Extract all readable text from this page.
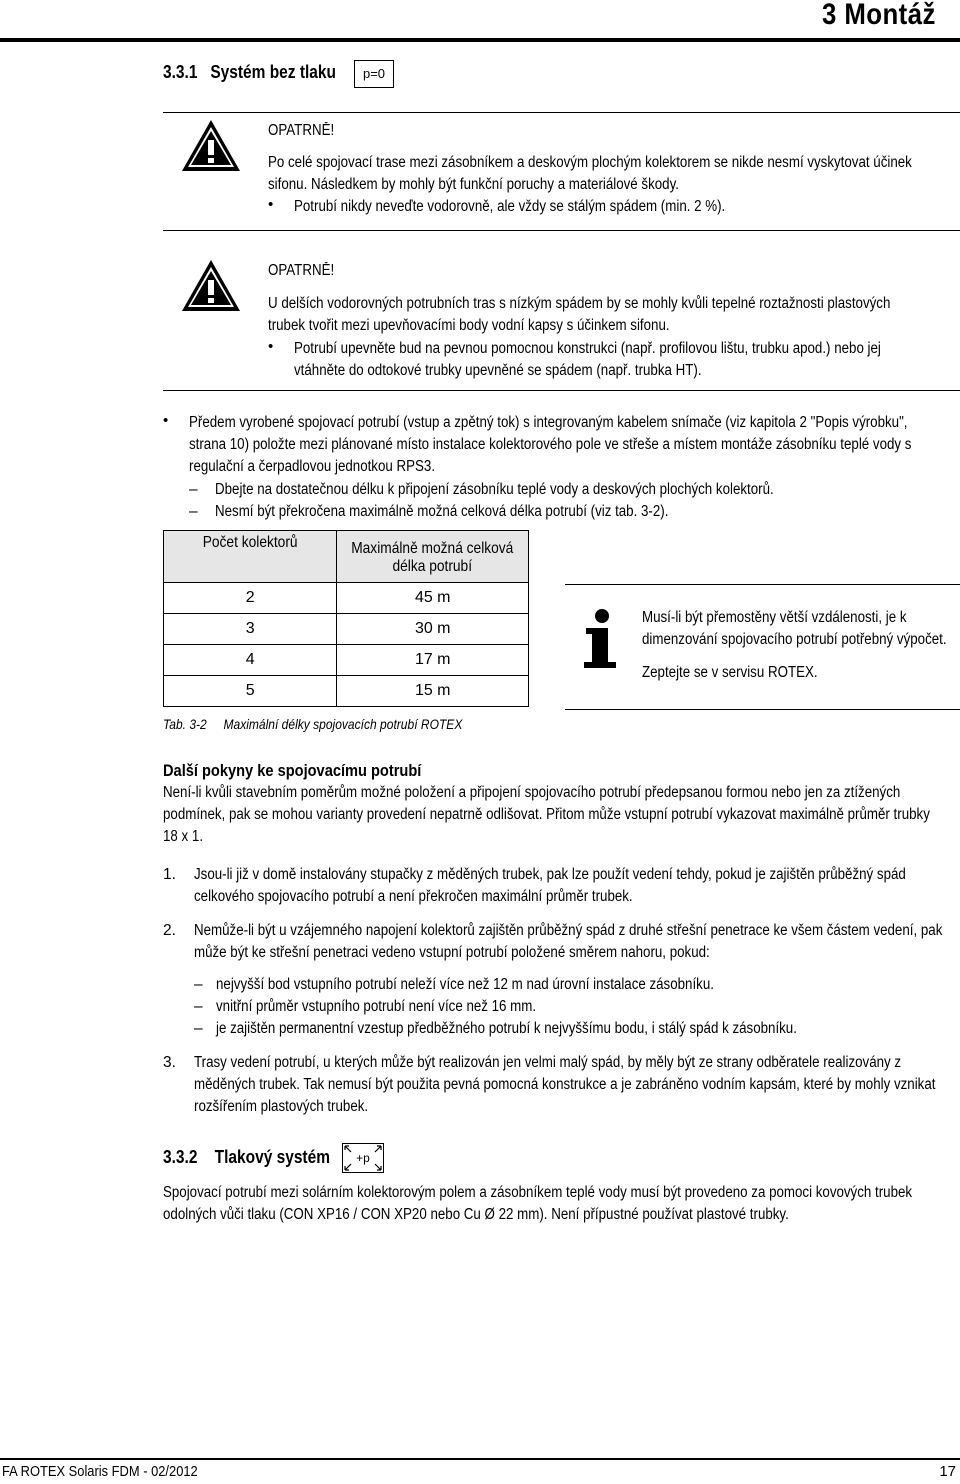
3 Montáž
3.3.1 Systém bez tlaku	p=0
OPATRNĚ!
Po celé spojovací trase mezi zásobníkem a deskovým plochým kolektorem se nikde nesmí vyskytovat účinek
sifonu. Následkem by mohly být funkční poruchy a materiálové škody.
• Potrubí nikdy neveďte vodorovně, ale vždy se stálým spádem (min. 2 %).
OPATRNĚ!
U delších vodorovných potrubních tras s nízkým spádem by se mohly kvůli tepelné roztažnosti plastových
trubek tvořit mezi upevňovacími body vodní kapsy s účinkem sifonu.
• Potrubí upevněte bud na pevnou pomocnou konstrukci (např. profilovou lištu, trubku apod.) nebo jej
vtáhněte do odtokové trubky upevněné se spádem (např. trubka HT).
• Předem vyrobené spojovací potrubí (vstup a zpětný tok) s integrovaným kabelem snímače (viz kapitola 2 "Popis výrobku",
strana 10) položte mezi plánované místo instalace kolektorového pole ve střeše a místem montáže zásobníku teplé vody s
regulační a čerpadlovou jednotkou RPS3.
– Dbejte na dostatečnou délku k připojení zásobníku teplé vody a deskových plochých kolektorů.
– Nesmí být překročena maximálně možná celková délka potrubí (viz tab. 3-2).
Počet kolektorů	Maximálně možná celková
délka potrubí

2	45 m
3	30 m
4	17 m
5	15 m
Tab. 3-2 Maximální délky spojovacích potrubí ROTEX
Musí-li být přemostěny větší vzdálenosti, je k
dimenzování spojovacího potrubí potřebný výpočet.
Zeptejte se v servisu ROTEX.
Další pokyny ke spojovacímu potrubí
Není-li kvůli stavebním poměrům možné položení a připojení spojovacího potrubí předepsanou formou nebo jen za ztížených
podmínek, pak se mohou varianty provedení nepatrně odlišovat. Přitom může vstupní potrubí vykazovat maximálně průměr trubky
18 x 1.
1. Jsou-li již v domě instalovány stupačky z měděných trubek, pak lze použít vedení tehdy, pokud je zajištěn průběžný spád
celkového spojovacího potrubí a není překročen maximální průměr trubek.
2. Nemůže-li být u vzájemného napojení kolektorů zajištěn průběžný spád z druhé střešní penetrace ke všem částem vedení, pak
může být ke střešní penetraci vedeno vstupní potrubí položené směrem nahoru, pokud:
– nejvyšší bod vstupního potrubí neleží více než 12 m nad úrovní instalace zásobníku.
– vnitřní průměr vstupního potrubí není více než 16 mm.
– je zajištěn permanentní vzestup předběžného potrubí k nejvyššímu bodu, i stálý spád k zásobníku.
3. Trasy vedení potrubí, u kterých může být realizován jen velmi malý spád, by měly být ze strany odběratele realizovány z
měděných trubek. Tak nemusí být použita pevná pomocná konstrukce a je zabráněno vodním kapsám, které by mohly vznikat
rozšířením plastových trubek.
3.3.2 Tlakový systém	+p
Spojovací potrubí mezi solárním kolektorovým polem a zásobníkem teplé vody musí být provedeno za pomoci kovových trubek
odolných vůči tlaku (CON XP16 / CON XP20 nebo Cu Ø 22 mm). Není přípustné používat plastové trubky.
FA ROTEX Solaris FDM - 02/2012	17
